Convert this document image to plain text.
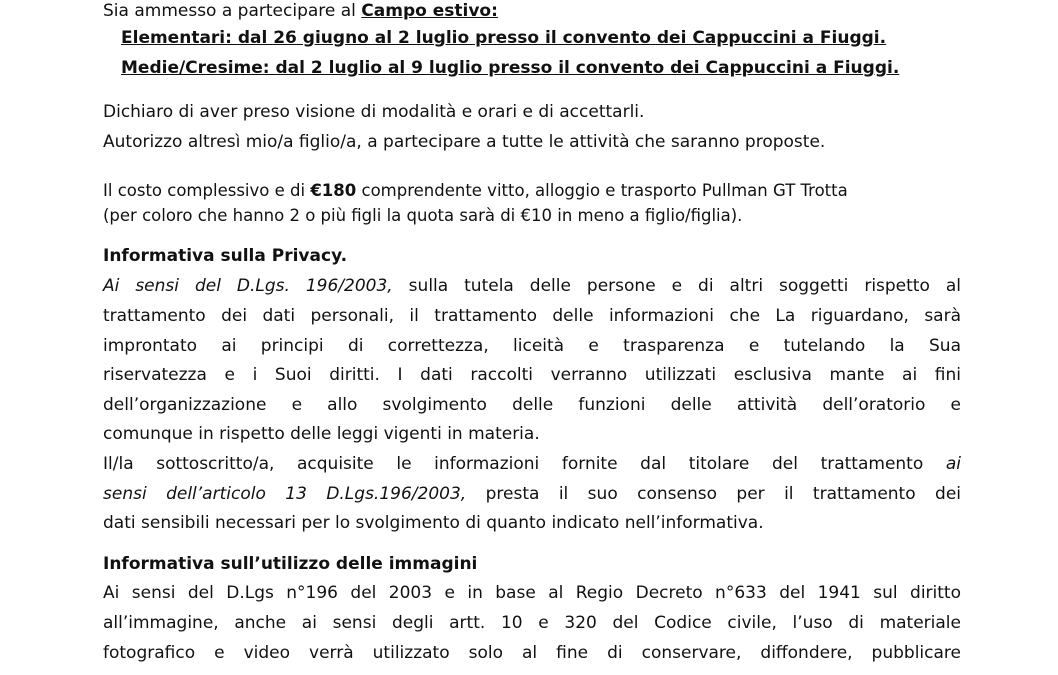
Sia ammesso a partecipare al Campo estivo:
Elementari: dal 26 giugno al 2 luglio presso il convento dei Cappuccini a Fiuggi.
Medie/Cresime: dal 2 luglio al 9 luglio presso il convento dei Cappuccini a Fiuggi.
Dichiaro di aver preso visione di modalità e orari e di accettarli.
Autorizzo altresì mio/a figlio/a, a partecipare a tutte le attività che saranno proposte.
Il costo complessivo e di €180 comprendente vitto, alloggio e trasporto Pullman GT Trotta
(per coloro che hanno 2 o più figli la quota sarà di €10 in meno a figlio/figlia).
Informativa sulla Privacy.
Ai sensi del D.Lgs. 196/2003, sulla tutela delle persone e di altri soggetti rispetto al
trattamento dei dati personali, il trattamento delle informazioni che La riguardano, sarà
improntato ai principi di correttezza, liceità e trasparenza e tutelando la Sua
riservatezza e i Suoi diritti. I dati raccolti verranno utilizzati esclusiva mante ai fini
dell’organizzazione e allo svolgimento delle funzioni delle attività dell’oratorio e
comunque in rispetto delle leggi vigenti in materia.
Il/la sottoscritto/a, acquisite le informazioni fornite dal titolare del trattamento ai
sensi dell’articolo 13 D.Lgs.196/2003, presta il suo consenso per il trattamento dei
dati sensibili necessari per lo svolgimento di quanto indicato nell’informativa.
Informativa sull’utilizzo delle immagini
Ai sensi del D.Lgs n°196 del 2003 e in base al Regio Decreto n°633 del 1941 sul diritto
all’immagine, anche ai sensi degli artt. 10 e 320 del Codice civile, l’uso di materiale
fotografico e video verrà utilizzato solo al fine di conservare, diffondere, pubblicare
